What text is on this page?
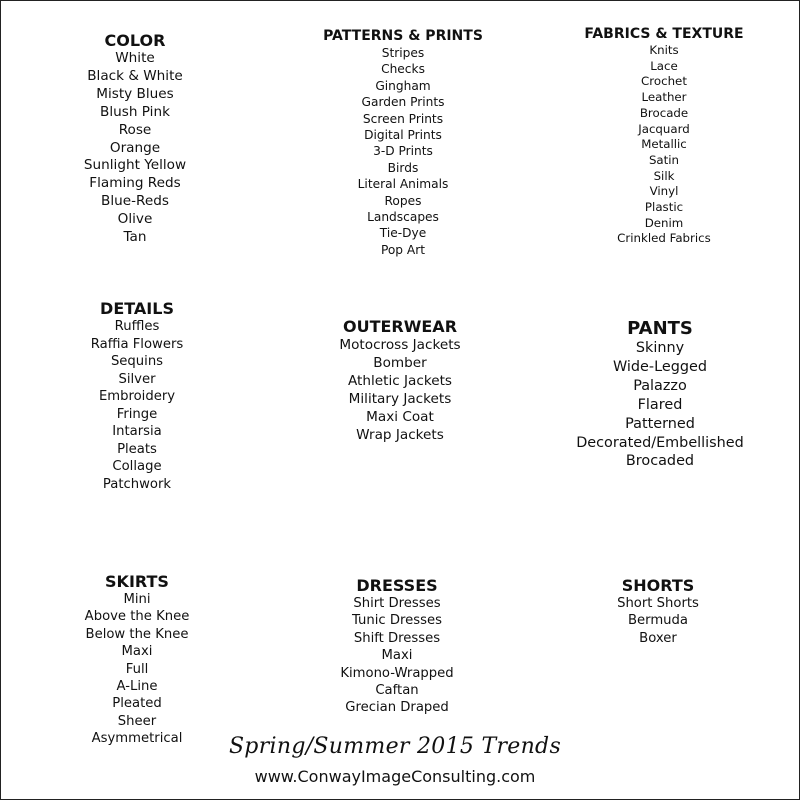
COLOR
White
Black & White
Misty Blues
Blush Pink
Rose
Orange
Sunlight Yellow
Flaming Reds
Blue-Reds
Olive
Tan
PATTERNS & PRINTS
Stripes
Checks
Gingham
Garden Prints
Screen Prints
Digital Prints
3-D Prints
Birds
Literal Animals
Ropes
Landscapes
Tie-Dye
Pop Art
FABRICS & TEXTURE
Knits
Lace
Crochet
Leather
Brocade
Jacquard
Metallic
Satin
Silk
Vinyl
Plastic
Denim
Crinkled Fabrics
DETAILS
Ruffles
Raffia Flowers
Sequins
Silver
Embroidery
Fringe
Intarsia
Pleats
Collage
Patchwork
OUTERWEAR
Motocross Jackets
Bomber
Athletic Jackets
Military Jackets
Maxi Coat
Wrap Jackets
PANTS
Skinny
Wide-Legged
Palazzo
Flared
Patterned
Decorated/Embellished
Brocaded
SKIRTS
Mini
Above the Knee
Below the Knee
Maxi
Full
A-Line
Pleated
Sheer
Asymmetrical
DRESSES
Shirt Dresses
Tunic Dresses
Shift Dresses
Maxi
Kimono-Wrapped
Caftan
Grecian Draped
SHORTS
Short Shorts
Bermuda
Boxer
Spring/Summer 2015 Trends
www.ConwayImageConsulting.com
